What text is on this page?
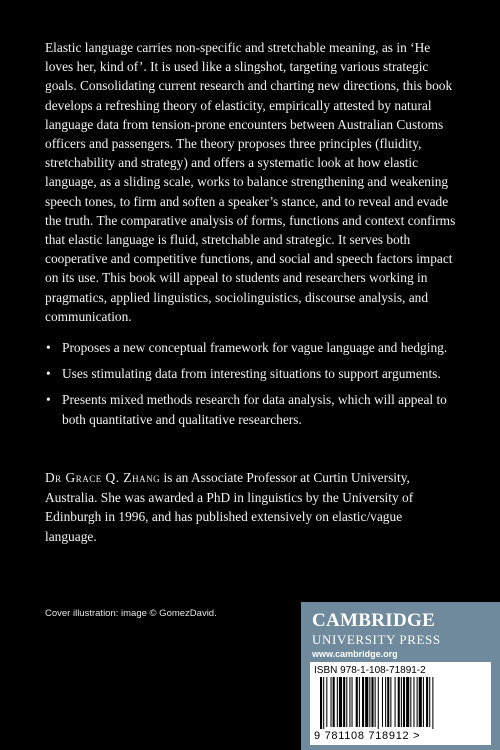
Elastic language carries non-specific and stretchable meaning, as in ‘He loves her, kind of’. It is used like a slingshot, targeting various strategic goals. Consolidating current research and charting new directions, this book develops a refreshing theory of elasticity, empirically attested by natural language data from tension-prone encounters between Australian Customs officers and passengers. The theory proposes three principles (fluidity, stretchability and strategy) and offers a systematic look at how elastic language, as a sliding scale, works to balance strengthening and weakening speech tones, to firm and soften a speaker’s stance, and to reveal and evade the truth. The comparative analysis of forms, functions and context confirms that elastic language is fluid, stretchable and strategic. It serves both cooperative and competitive functions, and social and speech factors impact on its use. This book will appeal to students and researchers working in pragmatics, applied linguistics, sociolinguistics, discourse analysis, and communication.

• Proposes a new conceptual framework for vague language and hedging.
• Uses stimulating data from interesting situations to support arguments.
• Presents mixed methods research for data analysis, which will appeal to both quantitative and qualitative researchers.

Dr Grace Q. Zhang is an Associate Professor at Curtin University, Australia. She was awarded a PhD in linguistics by the University of Edinburgh in 1996, and has published extensively on elastic/vague language.

Cover illustration: image © GomezDavid.	CAMBRIDGE
UNIVERSITY PRESS
www.cambridge.org
ISBN 978-1-108-71891-2
9 781108 718912 >
